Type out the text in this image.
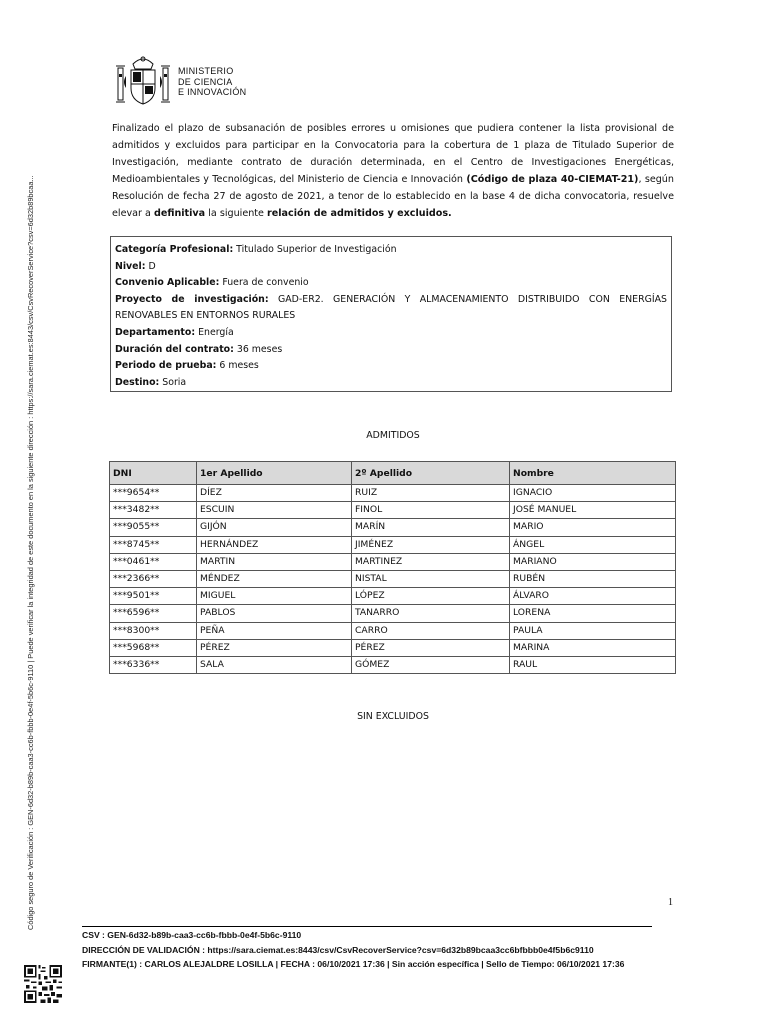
Código seguro de Verificación : GEN-6d32-b89b-caa3-cc6b-fbbb-0e4f-5b6c-9110 | Puede verificar la integridad de este documento en la siguiente dirección : https://sara.ciemat.es:8443/csv/CsvRecoverService?csv=6d32b89bcaa...
MINISTERIO
DE CIENCIA
E INNOVACIÓN
Finalizado el plazo de subsanación de posibles errores u omisiones que pudiera contener la lista provisional de admitidos y excluidos para participar en la Convocatoria para la cobertura de 1 plaza de Titulado Superior de Investigación, mediante contrato de duración determinada, en el Centro de Investigaciones Energéticas, Medioambientales y Tecnológicas, del Ministerio de Ciencia e Innovación (Código de plaza 40-CIEMAT-21), según Resolución de fecha 27 de agosto de 2021, a tenor de lo establecido en la base 4 de dicha convocatoria, resuelve elevar a definitiva la siguiente relación de admitidos y excluidos.
Categoría Profesional: Titulado Superior de Investigación
Nivel: D
Convenio Aplicable: Fuera de convenio
Proyecto de investigación: GAD-ER2. GENERACIÓN Y ALMACENAMIENTO DISTRIBUIDO CON ENERGÍAS RENOVABLES EN ENTORNOS RURALES
Departamento: Energía
Duración del contrato: 36 meses
Periodo de prueba: 6 meses
Destino: Soria
ADMITIDOS
DNI	1er Apellido	2º Apellido	Nombre
***9654**	DÍEZ	RUIZ	IGNACIO
***3482**	ESCUIN	FINOL	JOSÉ MANUEL
***9055**	GIJÓN	MARÍN	MARIO
***8745**	HERNÁNDEZ	JIMÉNEZ	ÁNGEL
***0461**	MARTIN	MARTINEZ	MARIANO
***2366**	MÉNDEZ	NISTAL	RUBÉN
***9501**	MIGUEL	LÓPEZ	ÁLVARO
***6596**	PABLOS	TANARRO	LORENA
***8300**	PEÑA	CARRO	PAULA
***5968**	PÉREZ	PÉREZ	MARINA
***6336**	SALA	GÓMEZ	RAUL
SIN EXCLUIDOS
1
CSV : GEN-6d32-b89b-caa3-cc6b-fbbb-0e4f-5b6c-9110
DIRECCIÓN DE VALIDACIÓN : https://sara.ciemat.es:8443/csv/CsvRecoverService?csv=6d32b89bcaa3cc6bfbbb0e4f5b6c9110
FIRMANTE(1) : CARLOS ALEJALDRE LOSILLA | FECHA : 06/10/2021 17:36 | Sin acción específica | Sello de Tiempo: 06/10/2021 17:36
